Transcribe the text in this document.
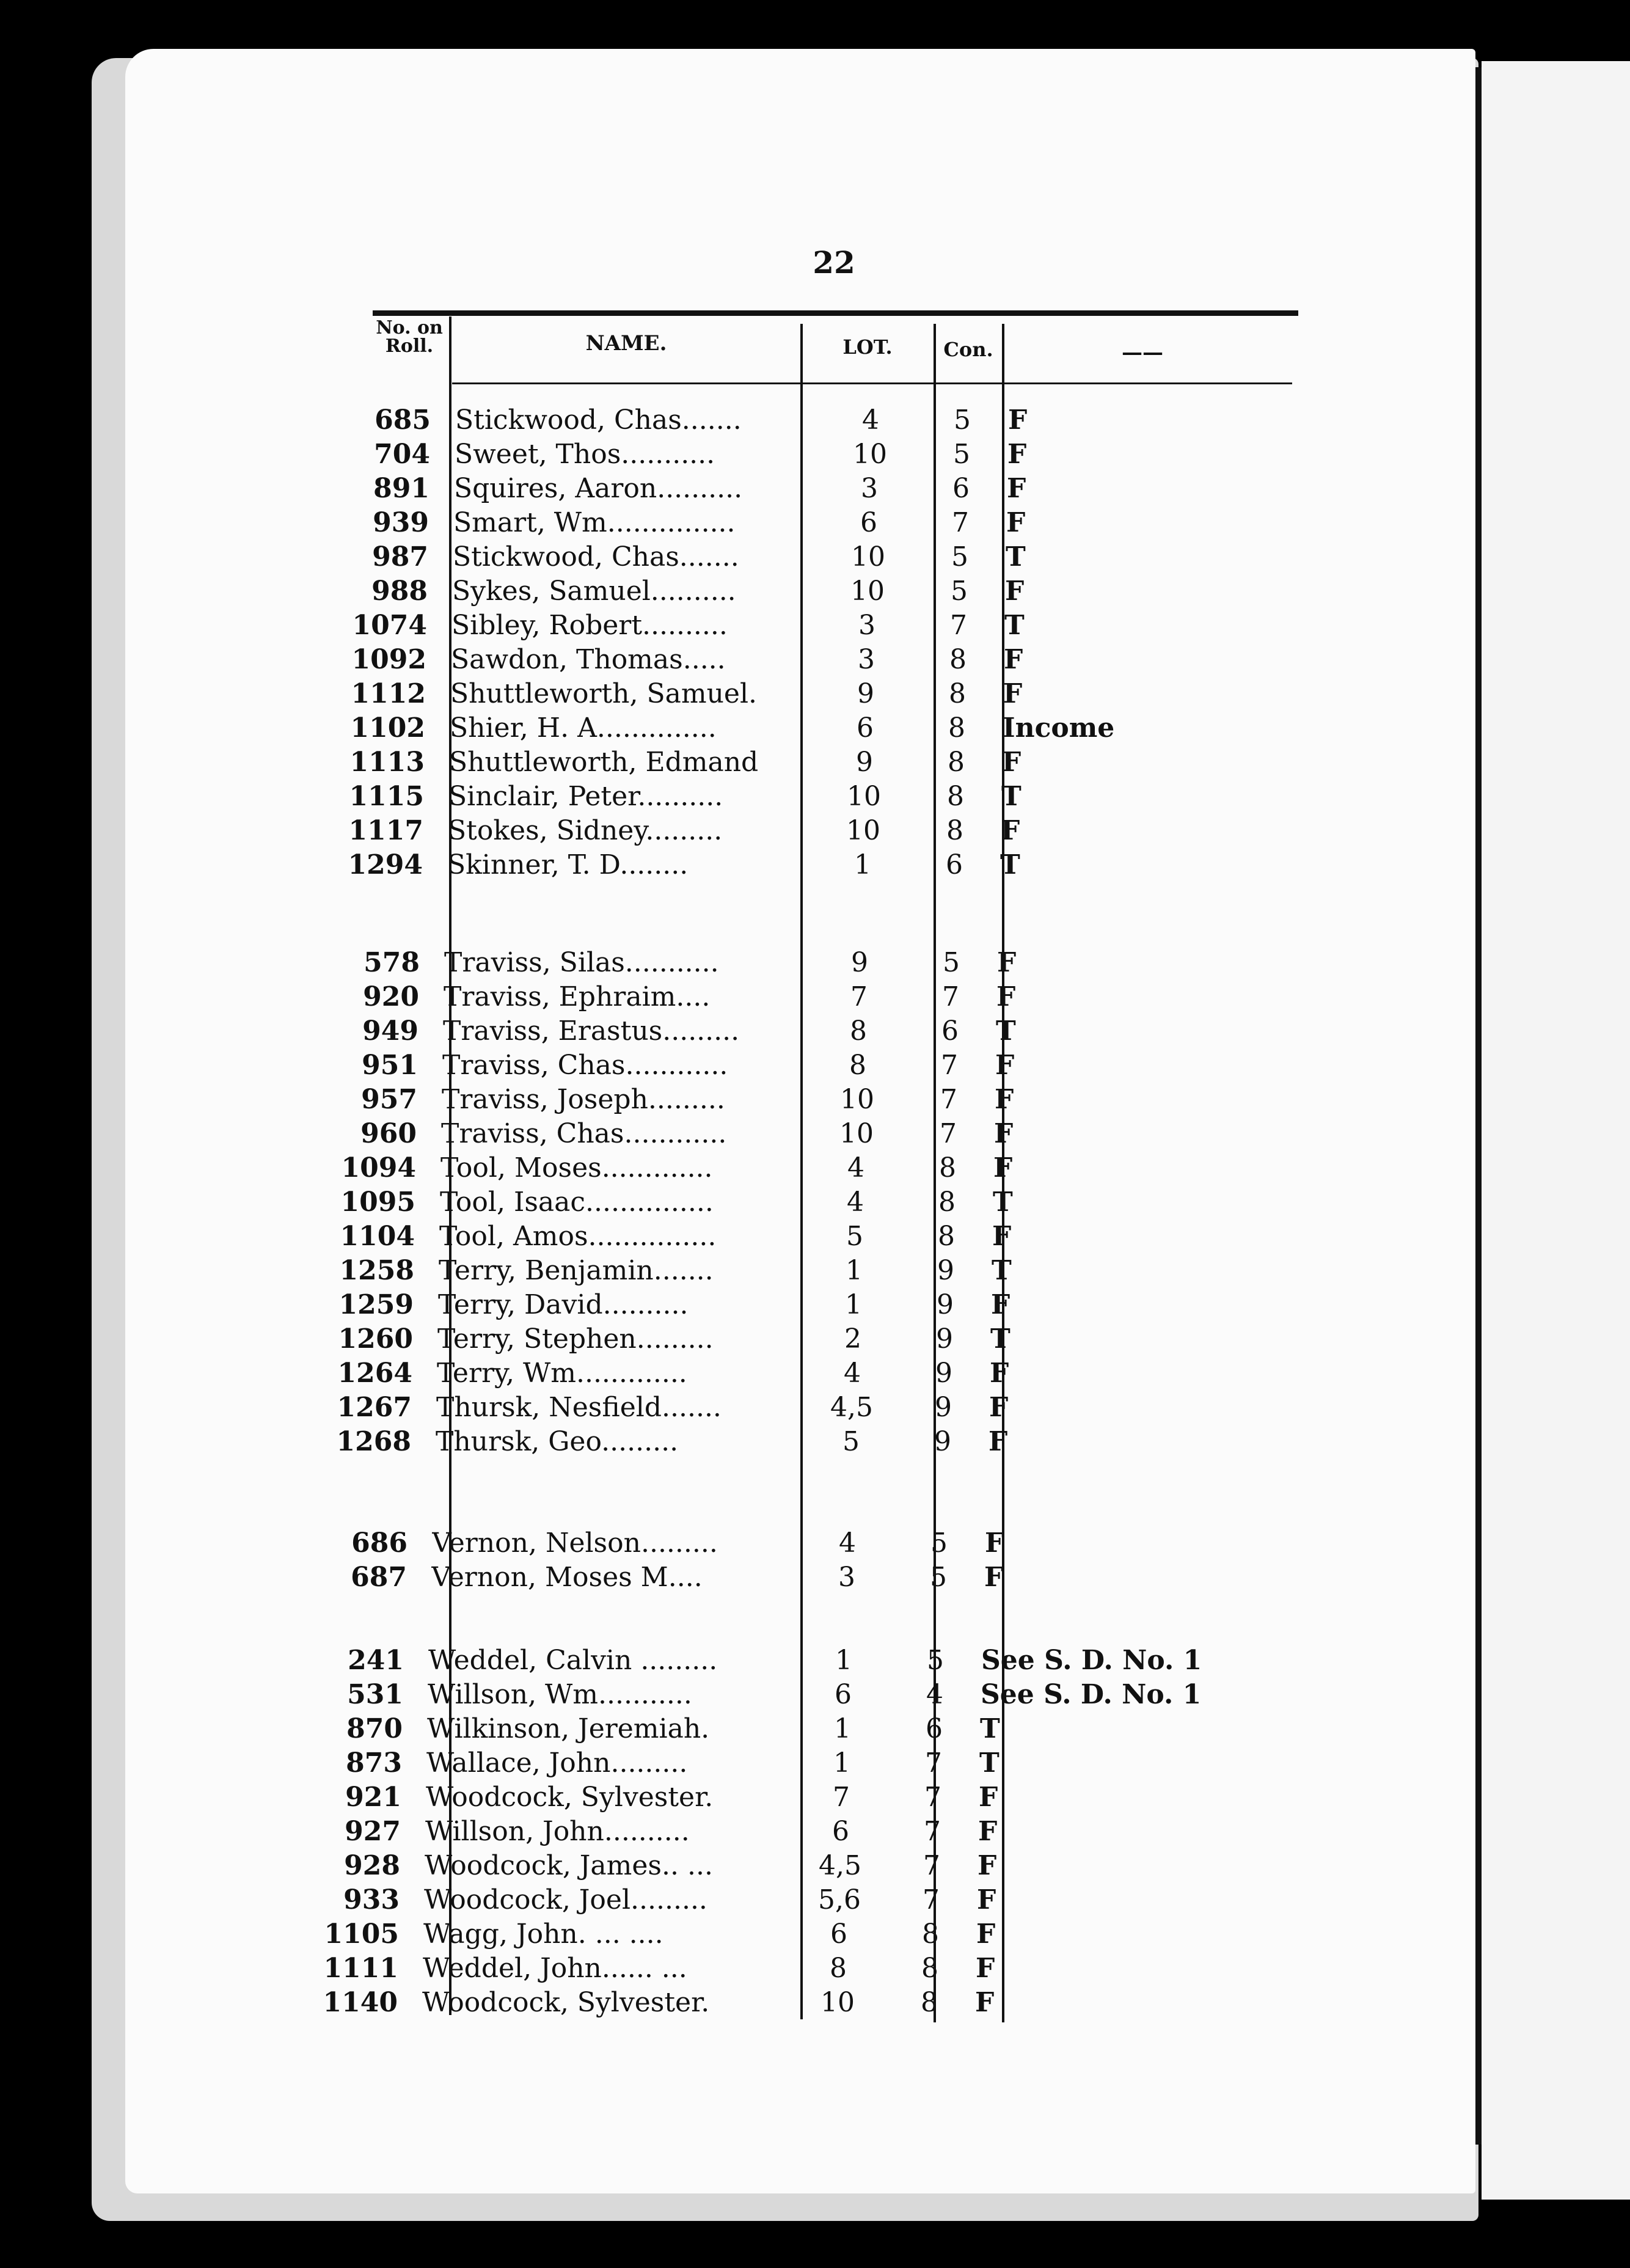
22
No. on
Roll.	NAME.	LOT.	Con.	——
685 Stickwood, Chas.......	4	5	F
704 Sweet, Thos...........	10	5	F
891 Squires, Aaron..........	3	6	F
939 Smart, Wm...............	6	7	F
987 Stickwood, Chas.......	10	5	T
988 Sykes, Samuel..........	10	5	F
1074 Sibley, Robert..........	3	7	T
1092 Sawdon, Thomas.....	3	8	F
1112 Shuttleworth, Samuel.	9	8	F
1102 Shier, H. A..............	6	8	Income
1113 Shuttleworth, Edmand	9	8	F
1115 Sinclair, Peter..........	10	8	T
1117 Stokes, Sidney.........	10	8	F
1294 Skinner, T. D........	1	6	T
578 Traviss, Silas...........	9	5	F
920 Traviss, Ephraim....	7	7	F
949 Traviss, Erastus.........	8	6	T
951 Traviss, Chas............	8	7	F
957 Traviss, Joseph.........	10	7	F
960 Traviss, Chas............	10	7	F
1094 Tool, Moses.............	4	8	F
1095 Tool, Isaac...............	4	8	T
1104 Tool, Amos...............	5	8	F
1258 Terry, Benjamin.......	1	9	T
1259 Terry, David..........	1	9	F
1260 Terry, Stephen.........	2	9	T
1264 Terry, Wm.............	4	9	F
1267 Thursk, Nesfield.......	4,5	9	F
1268 Thursk, Geo.........	5	9	F
686 Vernon, Nelson.........	4	5	F
687 Vernon, Moses M....	3	5	F
241 Weddel, Calvin .........	1	5	See S. D. No. 1
531 Willson, Wm...........	6	4	See S. D. No. 1
870 Wilkinson, Jeremiah.	1	6	T
873 Wallace, John.........	1	7	T
921 Woodcock, Sylvester.	7	7	F
927 Willson, John..........	6	7	F
928 Woodcock, James.. ...	4,5	7	F
933 Woodcock, Joel.........	5,6	7	F
1105 Wagg, John. ... ....	6	8	F
1111 Weddel, John...... ...	8	8	F
1140 Woodcock, Sylvester.	10	8	F
